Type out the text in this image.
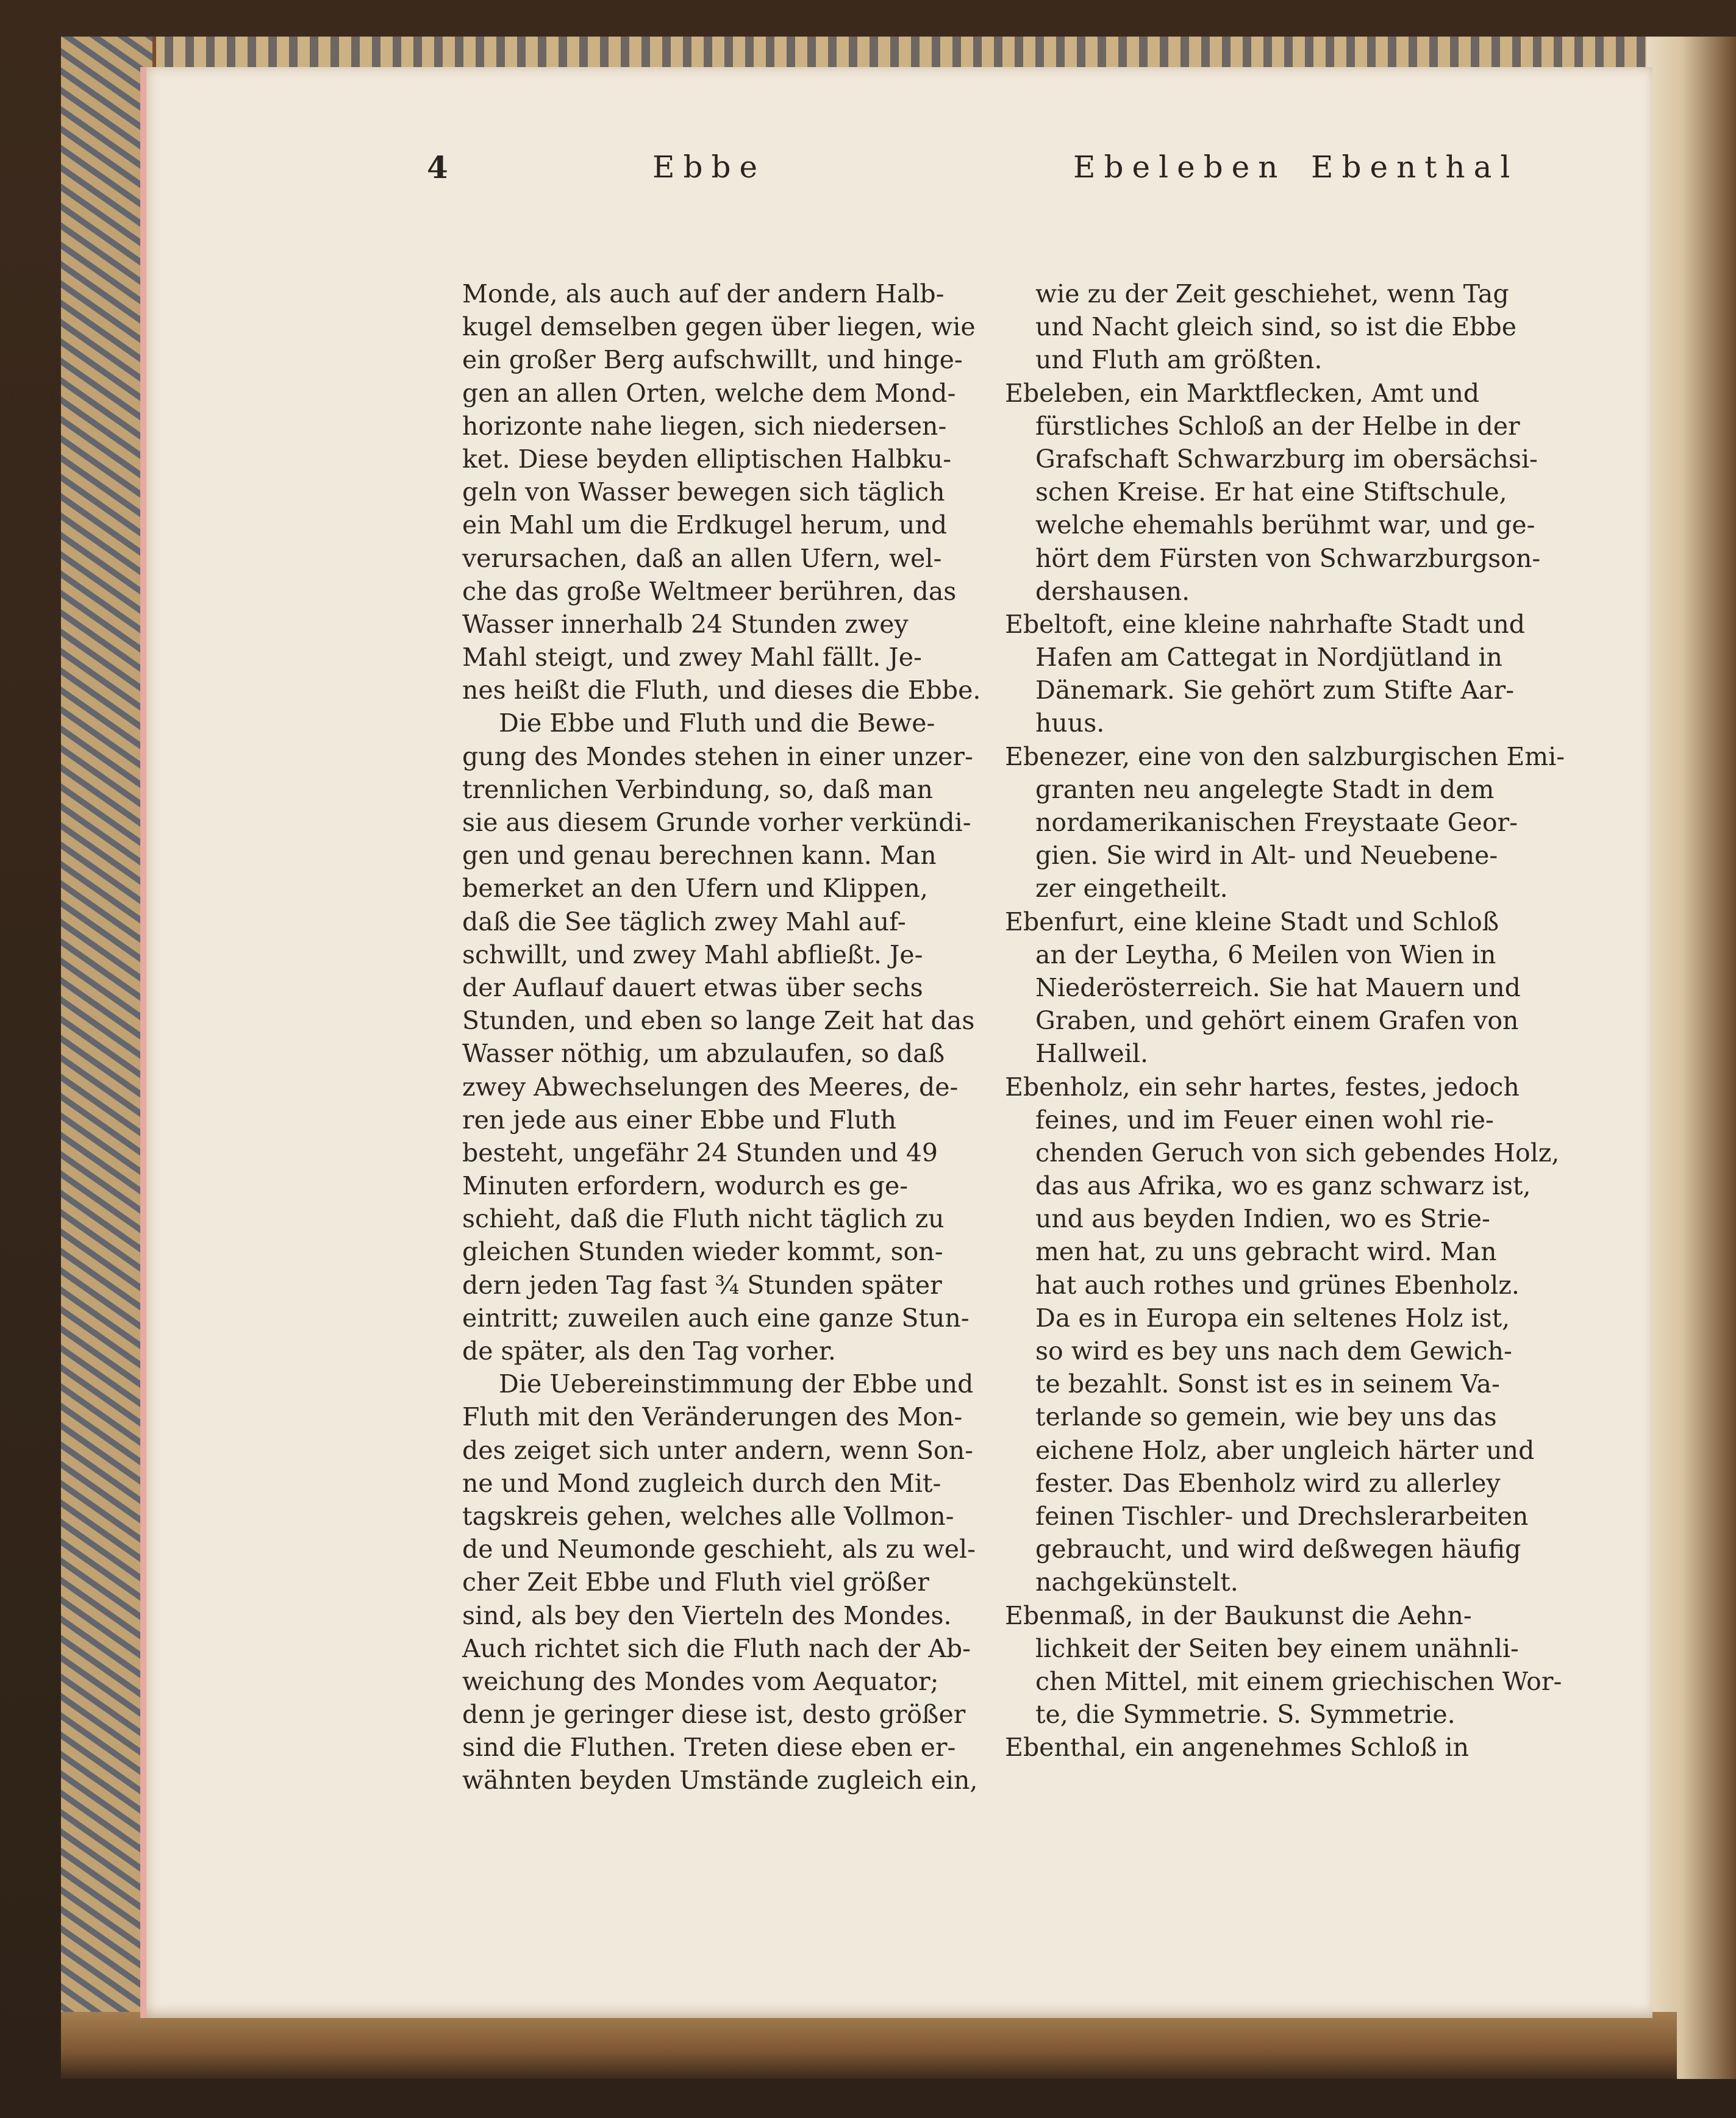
4	Ebbe	Ebeleben Ebenthal
Monde, als auch auf der andern Halb-
kugel demselben gegen über liegen, wie
ein großer Berg aufschwillt, und hinge-
gen an allen Orten, welche dem Mond-
horizonte nahe liegen, sich niedersen-
ket. Diese beyden elliptischen Halbku-
geln von Wasser bewegen sich täglich
ein Mahl um die Erdkugel herum, und
verursachen, daß an allen Ufern, wel-
che das große Weltmeer berühren, das
Wasser innerhalb 24 Stunden zwey
Mahl steigt, und zwey Mahl fällt. Je-
nes heißt die Fluth, und dieses die Ebbe.
Die Ebbe und Fluth und die Bewe-
gung des Mondes stehen in einer unzer-
trennlichen Verbindung, so, daß man
sie aus diesem Grunde vorher verkündi-
gen und genau berechnen kann. Man
bemerket an den Ufern und Klippen,
daß die See täglich zwey Mahl auf-
schwillt, und zwey Mahl abfließt. Je-
der Auflauf dauert etwas über sechs
Stunden, und eben so lange Zeit hat das
Wasser nöthig, um abzulaufen, so daß
zwey Abwechselungen des Meeres, de-
ren jede aus einer Ebbe und Fluth
besteht, ungefähr 24 Stunden und 49
Minuten erfordern, wodurch es ge-
schieht, daß die Fluth nicht täglich zu
gleichen Stunden wieder kommt, son-
dern jeden Tag fast ¾ Stunden später
eintritt; zuweilen auch eine ganze Stun-
de später, als den Tag vorher.
Die Uebereinstimmung der Ebbe und
Fluth mit den Veränderungen des Mon-
des zeiget sich unter andern, wenn Son-
ne und Mond zugleich durch den Mit-
tagskreis gehen, welches alle Vollmon-
de und Neumonde geschieht, als zu wel-
cher Zeit Ebbe und Fluth viel größer
sind, als bey den Vierteln des Mondes.
Auch richtet sich die Fluth nach der Ab-
weichung des Mondes vom Aequator;
denn je geringer diese ist, desto größer
sind die Fluthen. Treten diese eben er-
wähnten beyden Umstände zugleich ein,
wie zu der Zeit geschiehet, wenn Tag
und Nacht gleich sind, so ist die Ebbe
und Fluth am größten.
Ebeleben, ein Marktflecken, Amt und
fürstliches Schloß an der Helbe in der
Grafschaft Schwarzburg im obersächsi-
schen Kreise. Er hat eine Stiftschule,
welche ehemahls berühmt war, und ge-
hört dem Fürsten von Schwarzburgson-
dershausen.
Ebeltoft, eine kleine nahrhafte Stadt und
Hafen am Cattegat in Nordjütland in
Dänemark. Sie gehört zum Stifte Aar-
huus.
Ebenezer, eine von den salzburgischen Emi-
granten neu angelegte Stadt in dem
nordamerikanischen Freystaate Geor-
gien. Sie wird in Alt- und Neuebene-
zer eingetheilt.
Ebenfurt, eine kleine Stadt und Schloß
an der Leytha, 6 Meilen von Wien in
Niederösterreich. Sie hat Mauern und
Graben, und gehört einem Grafen von
Hallweil.
Ebenholz, ein sehr hartes, festes, jedoch
feines, und im Feuer einen wohl rie-
chenden Geruch von sich gebendes Holz,
das aus Afrika, wo es ganz schwarz ist,
und aus beyden Indien, wo es Strie-
men hat, zu uns gebracht wird. Man
hat auch rothes und grünes Ebenholz.
Da es in Europa ein seltenes Holz ist,
so wird es bey uns nach dem Gewich-
te bezahlt. Sonst ist es in seinem Va-
terlande so gemein, wie bey uns das
eichene Holz, aber ungleich härter und
fester. Das Ebenholz wird zu allerley
feinen Tischler- und Drechslerarbeiten
gebraucht, und wird deßwegen häufig
nachgekünstelt.
Ebenmaß, in der Baukunst die Aehn-
lichkeit der Seiten bey einem unähnli-
chen Mittel, mit einem griechischen Wor-
te, die Symmetrie. S. Symmetrie.
Ebenthal, ein angenehmes Schloß in
